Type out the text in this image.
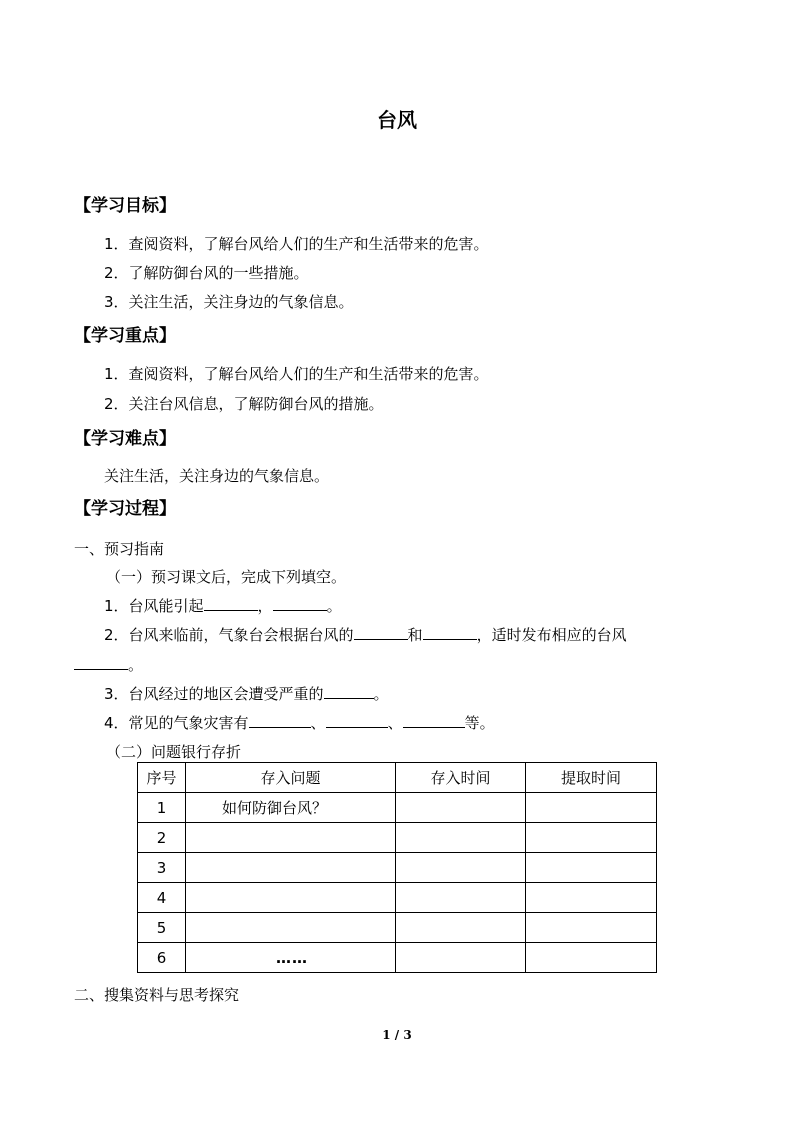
台风
【学习目标】
1．查阅资料，了解台风给人们的生产和生活带来的危害。
2．了解防御台风的一些措施。
3．关注生活，关注身边的气象信息。
【学习重点】
1．查阅资料，了解台风给人们的生产和生活带来的危害。
2．关注台风信息，了解防御台风的措施。
【学习难点】
关注生活，关注身边的气象信息。
【学习过程】
一、预习指南
（一）预习课文后，完成下列填空。
1．台风能引起	，	。
2．台风来临前，气象台会根据台风的	和	，适时发布相应的台风
。
3．台风经过的地区会遭受严重的	。
4．常见的气象灾害有	、	、	等。
（二）问题银行存折
序号	存入问题	存入时间	提取时间
1	如何防御台风？		
2			
3			
4			
5			
6	……		
二、搜集资料与思考探究
1 / 3
